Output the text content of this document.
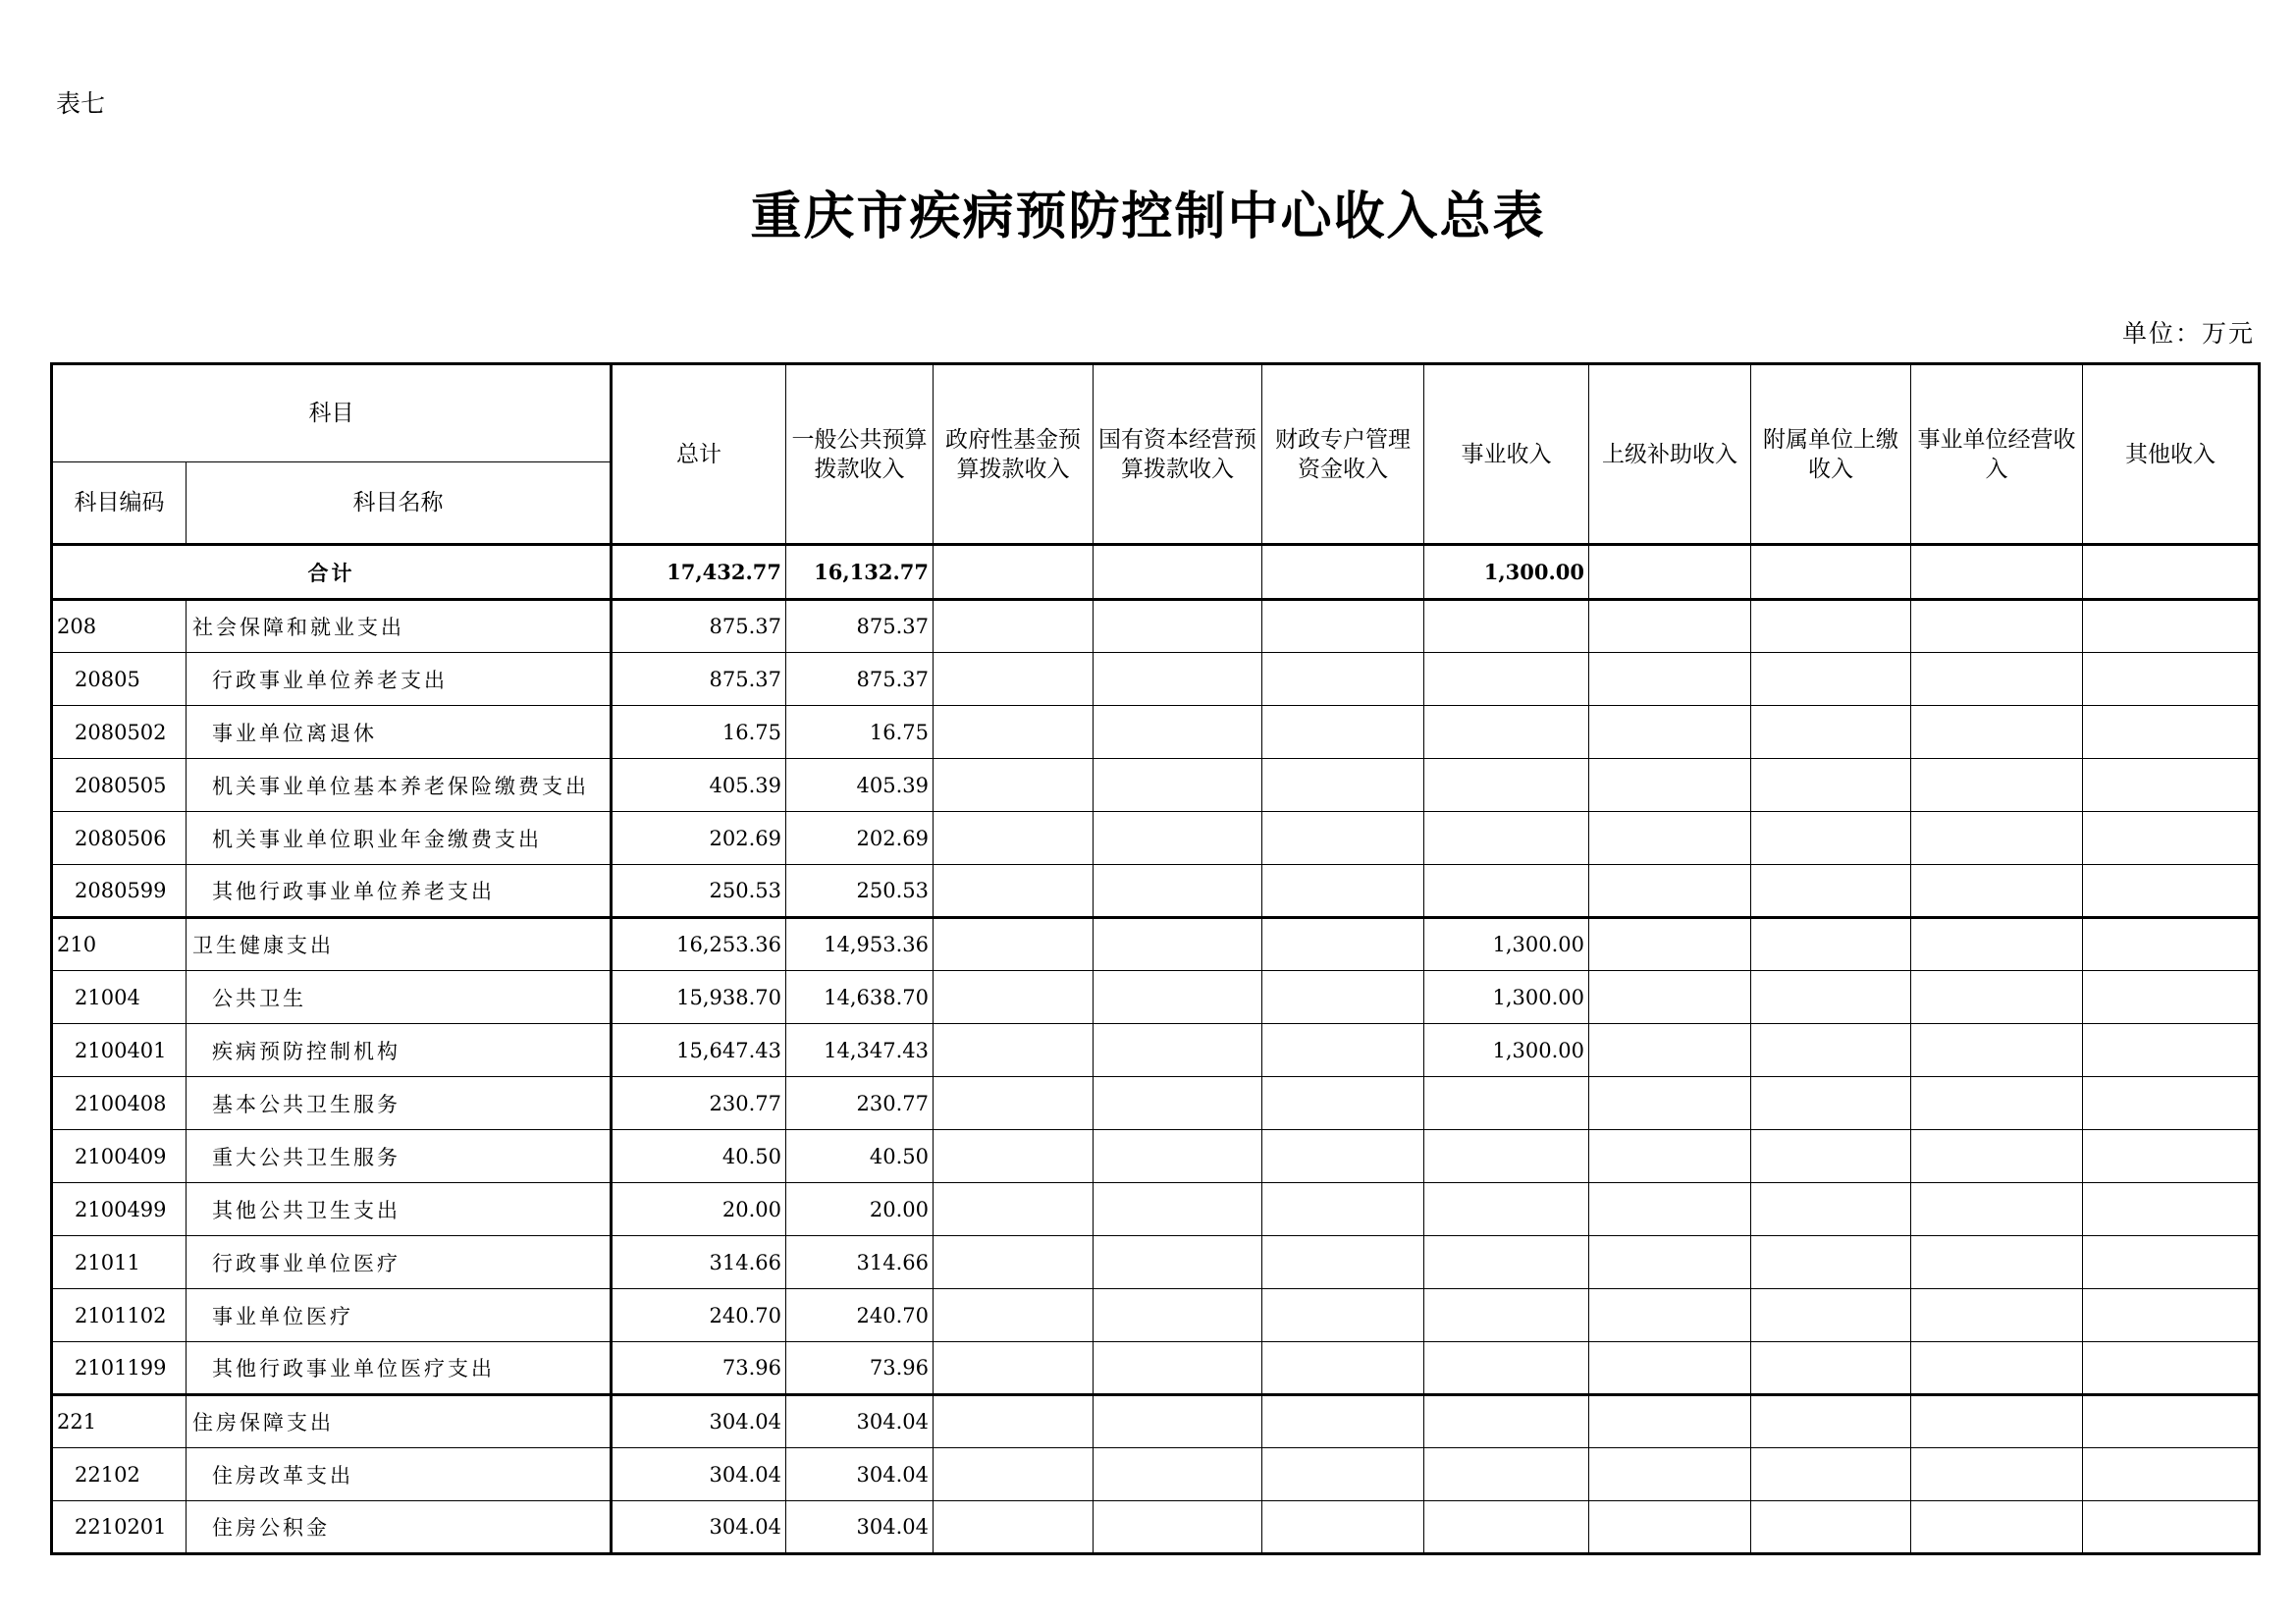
表七
重庆市疾病预防控制中心收入总表
单位：万元
科目		总计	一般公共预算拨款收入	政府性基金预算拨款收入	国有资本经营预算拨款收入	财政专户管理资金收入	事业收入	上级补助收入	附属单位上缴收入	事业单位经营收入	其他收入
科目编码	科目名称										
合计		17,432.77	16,132.77				1,300.00				
208	社会保障和就业支出	875.37	875.37								
20805	行政事业单位养老支出	875.37	875.37								
2080502	事业单位离退休	16.75	16.75								
2080505	机关事业单位基本养老保险缴费支出	405.39	405.39								
2080506	机关事业单位职业年金缴费支出	202.69	202.69								
2080599	其他行政事业单位养老支出	250.53	250.53								
210	卫生健康支出	16,253.36	14,953.36				1,300.00				
21004	公共卫生	15,938.70	14,638.70				1,300.00				
2100401	疾病预防控制机构	15,647.43	14,347.43				1,300.00				
2100408	基本公共卫生服务	230.77	230.77								
2100409	重大公共卫生服务	40.50	40.50								
2100499	其他公共卫生支出	20.00	20.00								
21011	行政事业单位医疗	314.66	314.66								
2101102	事业单位医疗	240.70	240.70								
2101199	其他行政事业单位医疗支出	73.96	73.96								
221	住房保障支出	304.04	304.04								
22102	住房改革支出	304.04	304.04								
2210201	住房公积金	304.04	304.04								
